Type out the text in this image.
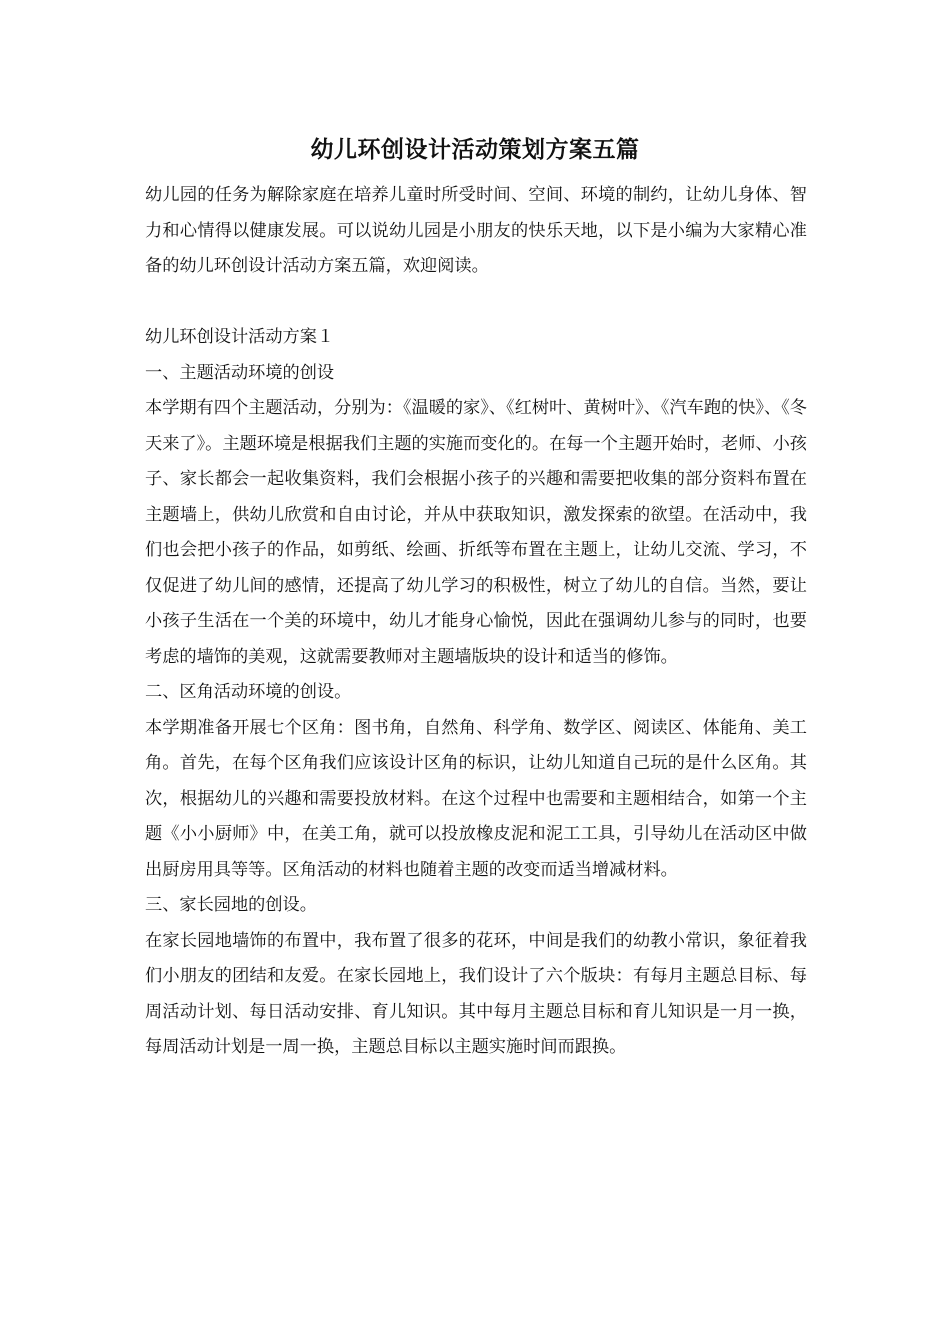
幼儿环创设计活动策划方案五篇

幼儿园的任务为解除家庭在培养儿童时所受时间、空间、环境的制约，让幼儿身体、智力和心情得以健康发展。可以说幼儿园是小朋友的快乐天地，以下是小编为大家精心准备的幼儿环创设计活动方案五篇，欢迎阅读。

幼儿环创设计活动方案１

一、主题活动环境的创设

本学期有四个主题活动，分别为：《温暖的家》、《红树叶、黄树叶》、《汽车跑的快》、《冬天来了》。主题环境是根据我们主题的实施而变化的。在每一个主题开始时，老师、小孩子、家长都会一起收集资料，我们会根据小孩子的兴趣和需要把收集的部分资料布置在主题墙上，供幼儿欣赏和自由讨论，并从中获取知识，激发探索的欲望。在活动中，我们也会把小孩子的作品，如剪纸、绘画、折纸等布置在主题上，让幼儿交流、学习，不仅促进了幼儿间的感情，还提高了幼儿学习的积极性，树立了幼儿的自信。当然，要让小孩子生活在一个美的环境中，幼儿才能身心愉悦，因此在强调幼儿参与的同时，也要考虑的墙饰的美观，这就需要教师对主题墙版块的设计和适当的修饰。

二、区角活动环境的创设。

本学期准备开展七个区角：图书角，自然角、科学角、数学区、阅读区、体能角、美工角。首先，在每个区角我们应该设计区角的标识，让幼儿知道自己玩的是什么区角。其次，根据幼儿的兴趣和需要投放材料。在这个过程中也需要和主题相结合，如第一个主题《小小厨师》中，在美工角，就可以投放橡皮泥和泥工工具，引导幼儿在活动区中做出厨房用具等等。区角活动的材料也随着主题的改变而适当增减材料。

三、家长园地的创设。

在家长园地墙饰的布置中，我布置了很多的花环，中间是我们的幼教小常识，象征着我们小朋友的团结和友爱。在家长园地上，我们设计了六个版块：有每月主题总目标、每周活动计划、每日活动安排、育儿知识。其中每月主题总目标和育儿知识是一月一换，每周活动计划是一周一换，主题总目标以主题实施时间而跟换。
